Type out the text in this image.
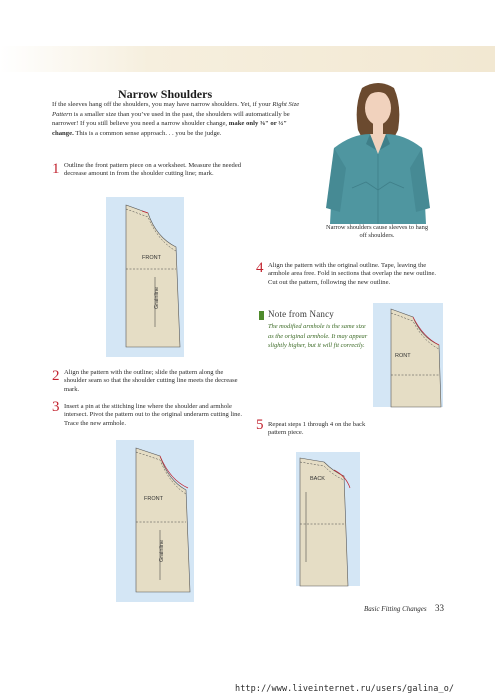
Narrow Shoulders

If the sleeves hang off the shoulders, you may have narrow shoulders. Yet, if your Right Size Pattern is a smaller size than you’ve used in the past, the shoulders will automatically be narrower! If you still believe you need a narrow shoulder change, make only ⅜" or ½" change. This is a common sense approach. . . you be the judge.

Narrow shoulders cause sleeves to hang off shoulders.
1 Outline the front pattern piece on a worksheet. Measure the needed decrease amount in from the shoulder cutting line; mark.
FRONT
Grainline
2 Align the pattern with the outline; slide the pattern along the shoulder seam so that the shoulder cutting line meets the decrease mark.
3 Insert a pin at the stitching line where the shoulder and armhole intersect. Pivot the pattern out to the original underarm cutting line. Trace the new armhole.
FRONT
Grainline
4 Align the pattern with the original outline. Tape, leaving the armhole area free. Fold in sections that overlap the new outline. Cut out the pattern, following the new outline.
Note from Nancy
The modified armhole is the same size as the original armhole. It may appear slightly higher, but it will fit correctly.
RONT
5 Repeat steps 1 through 4 on the back pattern piece.
BACK
Basic Fitting Changes 33
http://www.liveinternet.ru/users/galina_o/
